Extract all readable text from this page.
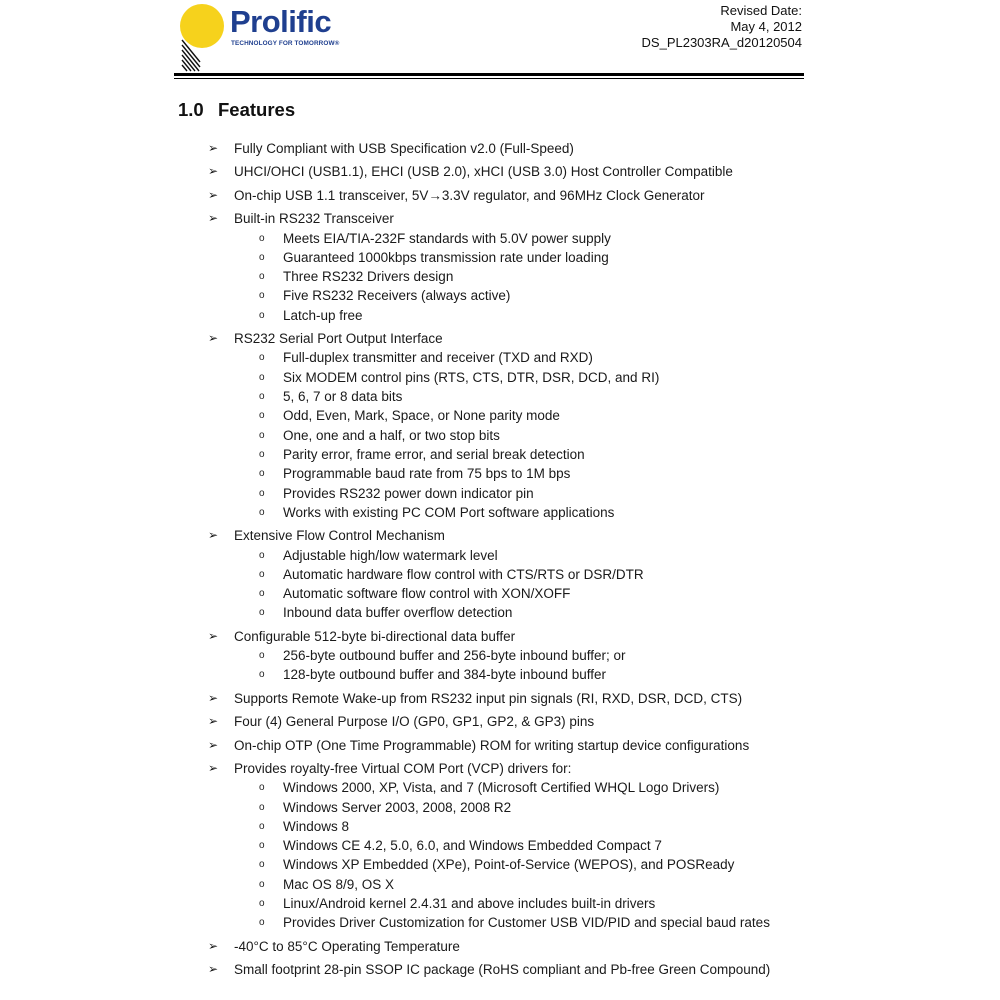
Prolific
TECHNOLOGY FOR TOMORROW®
Revised Date:
May 4, 2012
DS_PL2303RA_d20120504
1.0 Features
➢ Fully Compliant with USB Specification v2.0 (Full-Speed)
➢ UHCI/OHCI (USB1.1), EHCI (USB 2.0), xHCI (USB 3.0) Host Controller Compatible
➢ On-chip USB 1.1 transceiver, 5V→3.3V regulator, and 96MHz Clock Generator
➢ Built-in RS232 Transceiver
o Meets EIA/TIA-232F standards with 5.0V power supply
o Guaranteed 1000kbps transmission rate under loading
o Three RS232 Drivers design
o Five RS232 Receivers (always active)
o Latch-up free
➢ RS232 Serial Port Output Interface
o Full-duplex transmitter and receiver (TXD and RXD)
o Six MODEM control pins (RTS, CTS, DTR, DSR, DCD, and RI)
o 5, 6, 7 or 8 data bits
o Odd, Even, Mark, Space, or None parity mode
o One, one and a half, or two stop bits
o Parity error, frame error, and serial break detection
o Programmable baud rate from 75 bps to 1M bps
o Provides RS232 power down indicator pin
o Works with existing PC COM Port software applications
➢ Extensive Flow Control Mechanism
o Adjustable high/low watermark level
o Automatic hardware flow control with CTS/RTS or DSR/DTR
o Automatic software flow control with XON/XOFF
o Inbound data buffer overflow detection
➢ Configurable 512-byte bi-directional data buffer
o 256-byte outbound buffer and 256-byte inbound buffer; or
o 128-byte outbound buffer and 384-byte inbound buffer
➢ Supports Remote Wake-up from RS232 input pin signals (RI, RXD, DSR, DCD, CTS)
➢ Four (4) General Purpose I/O (GP0, GP1, GP2, & GP3) pins
➢ On-chip OTP (One Time Programmable) ROM for writing startup device configurations
➢ Provides royalty-free Virtual COM Port (VCP) drivers for:
o Windows 2000, XP, Vista, and 7 (Microsoft Certified WHQL Logo Drivers)
o Windows Server 2003, 2008, 2008 R2
o Windows 8
o Windows CE 4.2, 5.0, 6.0, and Windows Embedded Compact 7
o Windows XP Embedded (XPe), Point-of-Service (WEPOS), and POSReady
o Mac OS 8/9, OS X
o Linux/Android kernel 2.4.31 and above includes built-in drivers
o Provides Driver Customization for Customer USB VID/PID and special baud rates
➢ -40°C to 85°C Operating Temperature
➢ Small footprint 28-pin SSOP IC package (RoHS compliant and Pb-free Green Compound)
